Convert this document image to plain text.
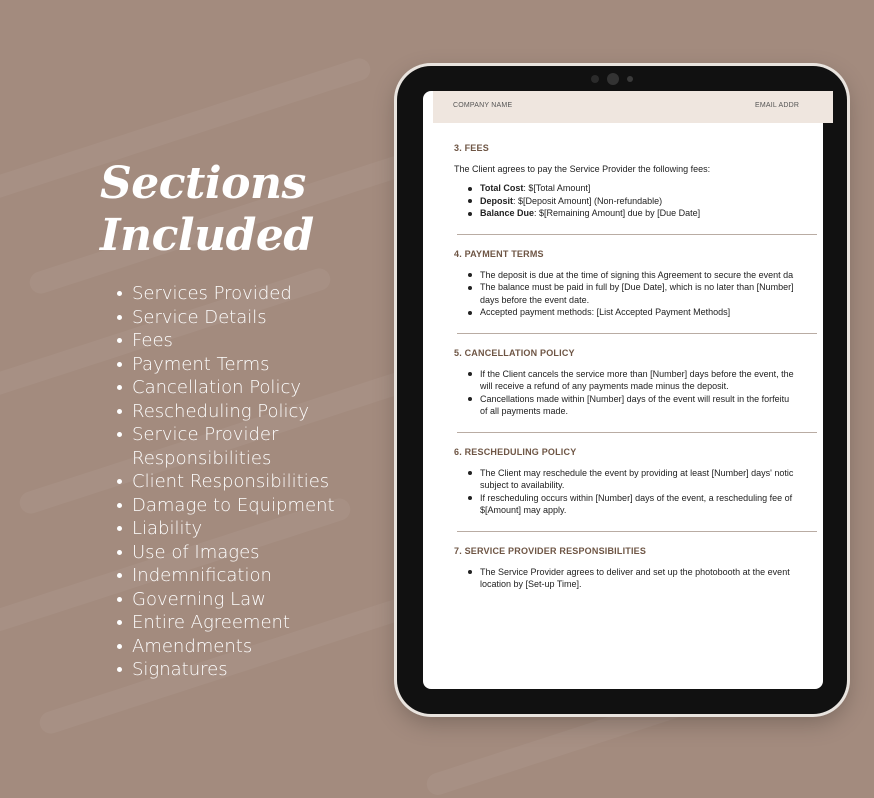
Sections
Included
Services Provided
Service Details
Fees
Payment Terms
Cancellation Policy
Rescheduling Policy
Service Provider
Responsibilities
Client Responsibilities
Damage to Equipment
Liability
Use of Images
Indemnification
Governing Law
Entire Agreement
Amendments
Signatures
COMPANY NAME	EMAIL ADDR
3. FEES

The Client agrees to pay the Service Provider the following fees:

Total Cost: $[Total Amount]
Deposit: $[Deposit Amount] (Non-refundable)
Balance Due: $[Remaining Amount] due by [Due Date]
4. PAYMENT TERMS
The deposit is due at the time of signing this Agreement to secure the event da
The balance must be paid in full by [Due Date], which is no later than [Number]
days before the event date.
Accepted payment methods: [List Accepted Payment Methods]
5. CANCELLATION POLICY
If the Client cancels the service more than [Number] days before the event, the
will receive a refund of any payments made minus the deposit.
Cancellations made within [Number] days of the event will result in the forfeitu
of all payments made.
6. RESCHEDULING POLICY
The Client may reschedule the event by providing at least [Number] days' notic
subject to availability.
If rescheduling occurs within [Number] days of the event, a rescheduling fee of
$[Amount] may apply.
7. SERVICE PROVIDER RESPONSIBILITIES
The Service Provider agrees to deliver and set up the photobooth at the event
location by [Set-up Time].
